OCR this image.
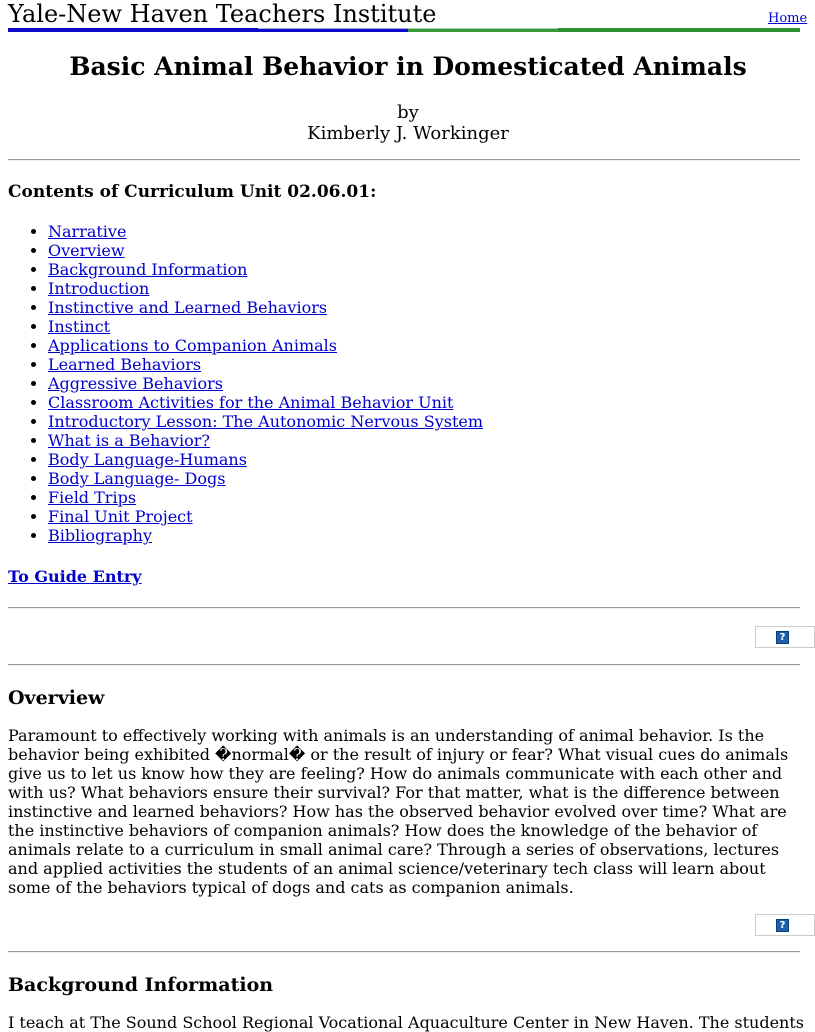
Yale-New Haven Teachers Institute	Home
Basic Animal Behavior in Domesticated Animals
by
Kimberly J. Workinger
Contents of Curriculum Unit 02.06.01:
• Narrative
• Overview
• Background Information
• Introduction
• Instinctive and Learned Behaviors
• Instinct
• Applications to Companion Animals
• Learned Behaviors
• Aggressive Behaviors
• Classroom Activities for the Animal Behavior Unit
• Introductory Lesson: The Autonomic Nervous System
• What is a Behavior?
• Body Language-Humans
• Body Language- Dogs
• Field Trips
• Final Unit Project
• Bibliography
To Guide Entry
?
Overview

Paramount to effectively working with animals is an understanding of animal behavior. Is the behavior being exhibited �normal� or the result of injury or fear? What visual cues do animals give us to let us know how they are feeling? How do animals communicate with each other and with us? What behaviors ensure their survival? For that matter, what is the difference between instinctive and learned behaviors? How has the observed behavior evolved over time? What are the instinctive behaviors of companion animals? How does the knowledge of the behavior of animals relate to a curriculum in small animal care? Through a series of observations, lectures and applied activities the students of an animal science/veterinary tech class will learn about some of the behaviors typical of dogs and cats as companion animals.

?
Background Information

I teach at The Sound School Regional Vocational Aquaculture Center in New Haven. The students
